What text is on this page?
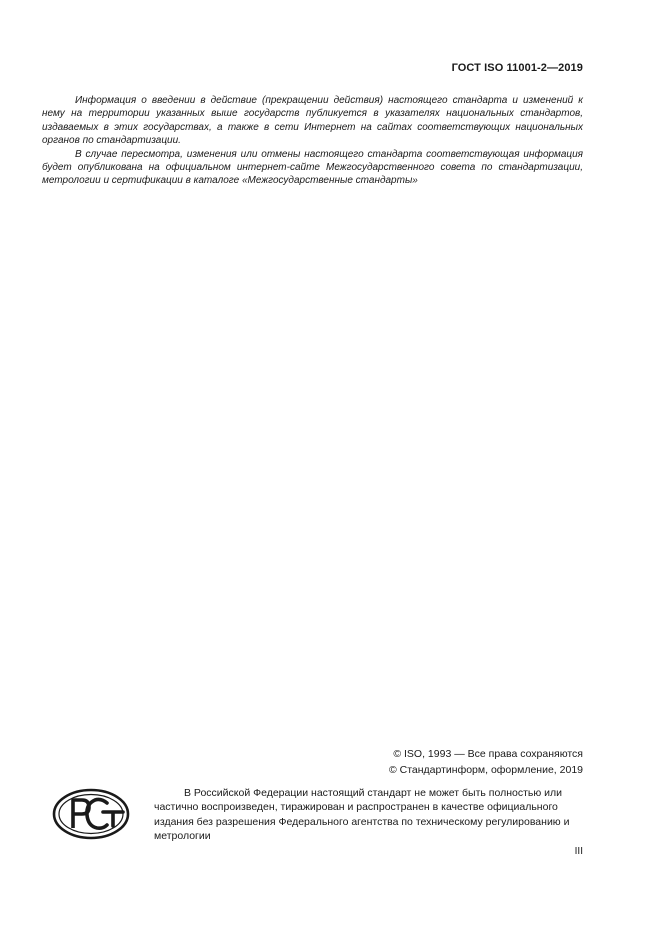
ГОСТ ISO 11001-2—2019

Информация о введении в действие (прекращении действия) настоящего стандарта и изменений к нему на территории указанных выше государств публикуется в указателях национальных стандартов, издаваемых в этих государствах, а также в сети Интернет на сайтах соответствующих национальных органов по стандартизации.

В случае пересмотра, изменения или отмены настоящего стандарта соответствующая информация будет опубликована на официальном интернет-сайте Межгосударственного совета по стандартизации, метрологии и сертификации в каталоге «Межгосударственные стандарты»

© ISO, 1993 — Все права сохраняются
© Стандартинформ, оформление, 2019

В Российской Федерации настоящий стандарт не может быть полностью или частично воспроизведен, тиражирован и распространен в качестве официального издания без разрешения Федерального агентства по техническому регулированию и метрологии

III
